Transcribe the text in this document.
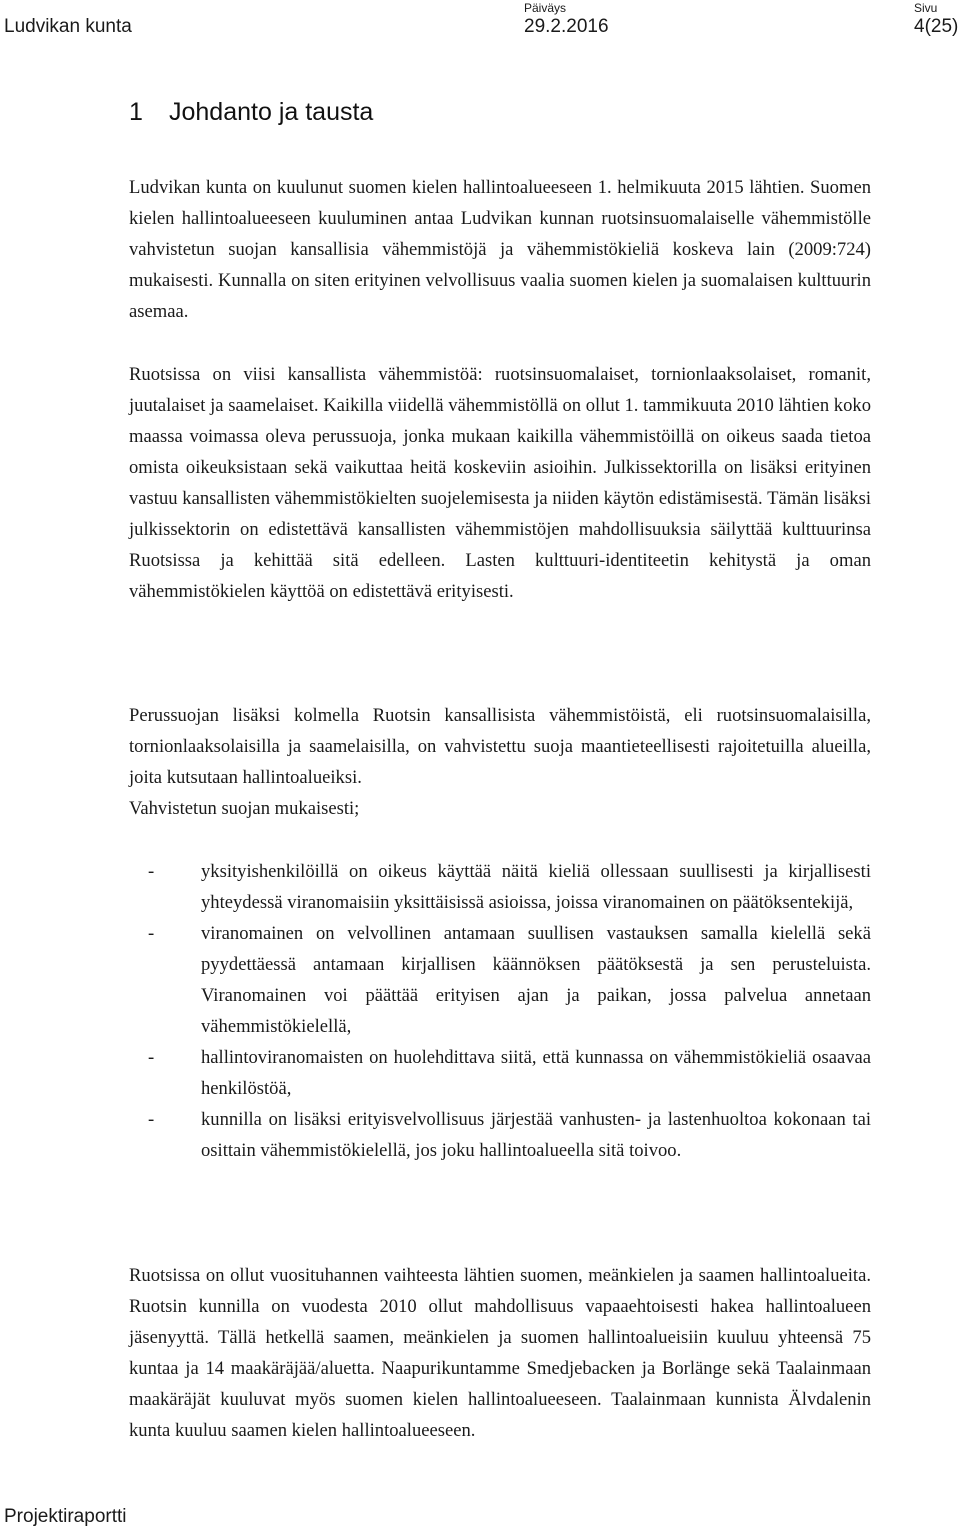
Ludvikan kunta
Päiväys
29.2.2016
Sivu
4(25)
1 Johdanto ja tausta

Ludvikan kunta on kuulunut suomen kielen hallintoalueeseen 1. helmikuuta 2015 lähtien. Suomen kielen hallintoalueeseen kuuluminen antaa Ludvikan kunnan ruotsinsuomalaiselle vähemmistölle vahvistetun suojan kansallisia vähemmistöjä ja vähemmistökieliä koskeva lain (2009:724) mukaisesti. Kunnalla on siten erityinen velvollisuus vaalia suomen kielen ja suomalaisen kulttuurin asemaa.

Ruotsissa on viisi kansallista vähemmistöä: ruotsinsuomalaiset, tornionlaaksolaiset, romanit, juutalaiset ja saamelaiset. Kaikilla viidellä vähemmistöllä on ollut 1. tammikuuta 2010 lähtien koko maassa voimassa oleva perussuoja, jonka mukaan kaikilla vähemmistöillä on oikeus saada tietoa omista oikeuksistaan sekä vaikuttaa heitä koskeviin asioihin. Julkissektorilla on lisäksi erityinen vastuu kansallisten vähemmistökielten suojelemisesta ja niiden käytön edistämisestä. Tämän lisäksi julkissektorin on edistettävä kansallisten vähemmistöjen mahdollisuuksia säilyttää kulttuurinsa Ruotsissa ja kehittää sitä edelleen. Lasten kulttuuri-identiteetin kehitystä ja oman vähemmistökielen käyttöä on edistettävä erityisesti.

Perussuojan lisäksi kolmella Ruotsin kansallisista vähemmistöistä, eli ruotsinsuomalaisilla, tornionlaaksolaisilla ja saamelaisilla, on vahvistettu suoja maantieteellisesti rajoitetuilla alueilla, joita kutsutaan hallintoalueiksi.

Vahvistetun suojan mukaisesti;

-	yksityishenkilöillä on oikeus käyttää näitä kieliä ollessaan suullisesti ja kirjallisesti yhteydessä viranomaisiin yksittäisissä asioissa, joissa viranomainen on päätöksentekijä,
-	viranomainen on velvollinen antamaan suullisen vastauksen samalla kielellä sekä pyydettäessä antamaan kirjallisen käännöksen päätöksestä ja sen perusteluista. Viranomainen voi päättää erityisen ajan ja paikan, jossa palvelua annetaan vähemmistökielellä,
-	hallintoviranomaisten on huolehdittava siitä, että kunnassa on vähemmistökieliä osaavaa henkilöstöä,
-	kunnilla on lisäksi erityisvelvollisuus järjestää vanhusten- ja lastenhuoltoa kokonaan tai osittain vähemmistökielellä, jos joku hallintoalueella sitä toivoo.

Ruotsissa on ollut vuosituhannen vaihteesta lähtien suomen, meänkielen ja saamen hallintoalueita. Ruotsin kunnilla on vuodesta 2010 ollut mahdollisuus vapaaehtoisesti hakea hallintoalueen jäsenyyttä. Tällä hetkellä saamen, meänkielen ja suomen hallintoalueisiin kuuluu yhteensä 75 kuntaa ja 14 maakäräjää/aluetta. Naapurikuntamme Smedjebacken ja Borlänge sekä Taalainmaan maakäräjät kuuluvat myös suomen kielen hallintoalueeseen. Taalainmaan kunnista Älvdalenin kunta kuuluu saamen kielen hallintoalueeseen.

Projektiraportti
